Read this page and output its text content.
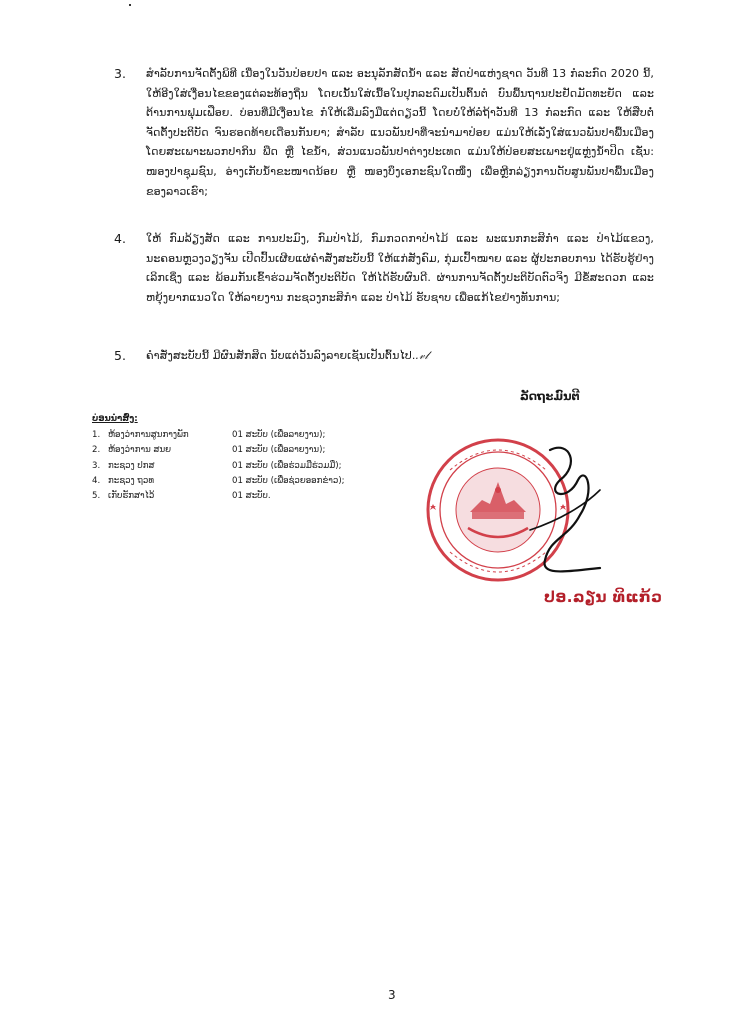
3. ສໍາລັບການຈັດຕັ້ງພິທີ ເນື່ອງໃນວັນປ່ອຍປາ ແລະ ອະນຸລັກສັດນໍ້າ ແລະ ສັດປ່າແຫ່ງຊາດ ວັນທີ 13 ກໍລະກົດ 2020 ນີ້, ໃຫ້ອີງໃສ່ເງື່ອນໄຂຂອງແຕ່ລະທ້ອງຖິ່ນ ໂດຍເນັ້ນໃສ່ເນື້ອໃນປຸກລະດົມເປັນຕົ້ນຕໍ ບົນພື້ນຖານປະຢັດມັດທະຍັດ ແລະ ຕ້ານການຟຸມເຟືອຍ. ບ່ອນທີ່ມີເງື່ອນໄຂ ກໍໃຫ້ເລີ່ມລົງມືແຕ່ດຽວນີ້ ໂດຍບໍ່ໃຫ້ລໍຖ້າວັນທີ 13 ກໍລະກົດ ແລະ ໃຫ້ສືບຕໍ່ຈັດຕັ້ງປະຕິບັດ ຈົນຮອດທ້າຍເດືອນກັນຍາ; ສໍາລັບ ແນວພັນປາທີ່ຈະນໍາມາປ່ອຍ ແມ່ນໃຫ້ເລັ່ງໃສ່ແນວພັນປາພື້ນເມືອງ ໂດຍສະເພາະພວກປາກິນ ພືດ ຫຼື ໄຂນໍ້າ, ສ່ວນແນວພັນປາຕ່າງປະເທດ ແມ່ນໃຫ້ປ່ອຍສະເພາະຢູ່ແຫຼ່ງນໍ້າປິດ ເຊັ່ນ: ໜອງປາຊຸມຊົນ, ອ່າງເກັບນໍ້າຂະໜາດນ້ອຍ ຫຼື ໜອງບຶງເອກະຊົນໃດໜຶ່ງ ເພື່ອຫຼີກລ່ຽງການດັບສູນພັນປາພື້ນເມືອງ ຂອງລາວເຮົາ;
4. ໃຫ້ ກົມລ້ຽງສັດ ແລະ ການປະມົງ, ກົມປ່າໄມ້, ກົມກວດກາປ່າໄມ້ ແລະ ພະແນກກະສິກໍາ ແລະ ປ່າໄມ້ແຂວງ, ນະຄອນຫຼວງວຽງຈັນ ເປີດປົ້ນເຜີຍແຜ່ຄໍາສັ່ງສະບັບນີ້ ໃຫ້ແກ່ສັງຄົມ, ກຸ່ມເປົ້າໝາຍ ແລະ ຜູ້ປະກອບການ ໄດ້ຮັບຮູ້ຢ່າງເລິກເຊິ່ງ ແລະ ພ້ອມກັນເຂົ້າຮ່ວມຈັດຕັ້ງປະຕິບັດ ໃຫ້ໄດ້ຮັບຜົນດີ. ຜ່ານການຈັດຕັ້ງປະຕິບັດຕົວຈິງ ມີຂໍ້ສະດວກ ແລະ ຫຍຸ້ງຍາກແນວໃດ ໃຫ້ລາຍງານ ກະຊວງກະສິກໍາ ແລະ ປ່າໄມ້ ຮັບຊາບ ເພື່ອແກ້ໄຂຢ່າງທັນການ;
5. ຄໍາສັ່ງສະບັບນີ້ ມີຜົນສັກສິດ ນັບແຕ່ວັນລົງລາຍເຊັນເປັນຕົ້ນໄປ..𝓋𝓁
ລັດຖະມົນຕີ
ບ່ອນນໍາສົ່ງ:
1. ຫ້ອງວ່າການສູນກາງພັກ	01 ສະບັບ (ເພື່ອລາຍງານ);
2. ຫ້ອງວ່າການ ສນຍ	01 ສະບັບ (ເພື່ອລາຍງານ);
3. ກະຊວງ ປກສ	01 ສະບັບ (ເພື່ອຮ່ວມມືຮ່ວມມື);
4. ກະຊວງ ຖວທ	01 ສະບັບ (ເພື່ອຊ່ວຍອອກຂ່າວ);
5. ເກັບຮັກສາໄວ້	01 ສະບັບ.
ປອ.ລຽນ ທິແກ້ວ
3
